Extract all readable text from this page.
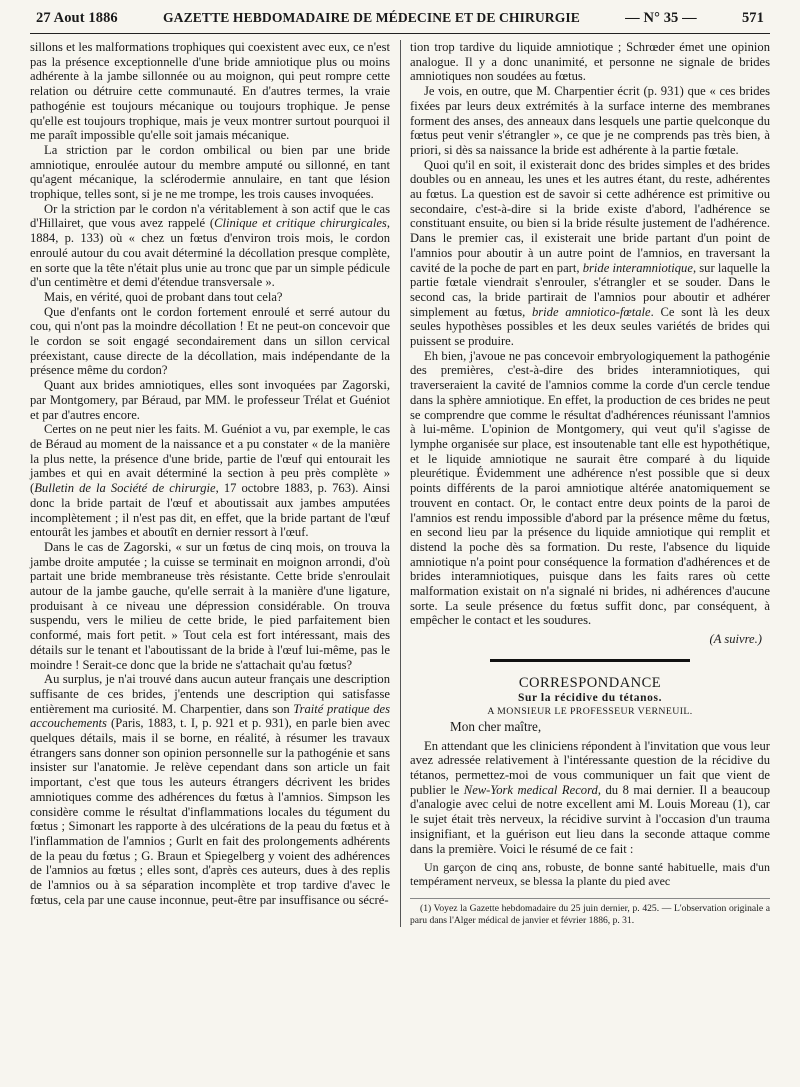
27 Aout 1886	GAZETTE HEBDOMADAIRE DE MÉDECINE ET DE CHIRURGIE	— N° 35 —	571

sillons et les malformations trophiques qui coexistent avec eux, ce n'est pas la présence exceptionnelle d'une bride amniotique plus ou moins adhérente à la jambe sillonnée ou au moignon, qui peut rompre cette relation ou détruire cette communauté. En d'autres termes, la vraie pathogénie est toujours mécanique ou toujours trophique. Je pense qu'elle est toujours trophique, mais je veux montrer surtout pourquoi il me paraît impossible qu'elle soit jamais mécanique.

La striction par le cordon ombilical ou bien par une bride amniotique, enroulée autour du membre amputé ou sillonné, en tant qu'agent mécanique, la sclérodermie annulaire, en tant que lésion trophique, telles sont, si je ne me trompe, les trois causes invoquées.

Or la striction par le cordon n'a véritablement à son actif que le cas d'Hillairet, que vous avez rappelé (Clinique et critique chirurgicales, 1884, p. 133) où « chez un fœtus d'environ trois mois, le cordon enroulé autour du cou avait déterminé la décollation presque complète, en sorte que la tête n'était plus unie au tronc que par un simple pédicule d'un centimètre et demi d'étendue transversale ».

Mais, en vérité, quoi de probant dans tout cela?

Que d'enfants ont le cordon fortement enroulé et serré autour du cou, qui n'ont pas la moindre décollation ! Et ne peut-on concevoir que le cordon se soit engagé secondairement dans un sillon cervical préexistant, cause directe de la décollation, mais indépendante de la présence même du cordon?

Quant aux brides amniotiques, elles sont invoquées par Zagorski, par Montgomery, par Béraud, par MM. le professeur Trélat et Guéniot et par d'autres encore.

Certes on ne peut nier les faits. M. Guéniot a vu, par exemple, le cas de Béraud au moment de la naissance et a pu constater « de la manière la plus nette, la présence d'une bride, partie de l'œuf qui entourait les jambes et qui en avait déterminé la section à peu près complète » (Bulletin de la Société de chirurgie, 17 octobre 1883, p. 763). Ainsi donc la bride partait de l'œuf et aboutissait aux jambes amputées incomplètement ; il n'est pas dit, en effet, que la bride partant de l'œuf entourât les jambes et aboutît en dernier ressort à l'œuf.

Dans le cas de Zagorski, « sur un fœtus de cinq mois, on trouva la jambe droite amputée ; la cuisse se terminait en moignon arrondi, d'où partait une bride membraneuse très résistante. Cette bride s'enroulait autour de la jambe gauche, qu'elle serrait à la manière d'une ligature, produisant à ce niveau une dépression considérable. On trouva suspendu, vers le milieu de cette bride, le pied parfaitement bien conformé, mais fort petit. » Tout cela est fort intéressant, mais des détails sur le tenant et l'aboutissant de la bride à l'œuf lui-même, pas le moindre ! Serait-ce donc que la bride ne s'attachait qu'au fœtus?

Au surplus, je n'ai trouvé dans aucun auteur français une description suffisante de ces brides, j'entends une description qui satisfasse entièrement ma curiosité. M. Charpentier, dans son Traité pratique des accouchements (Paris, 1883, t. I, p. 921 et p. 931), en parle bien avec quelques détails, mais il se borne, en réalité, à résumer les travaux étrangers sans donner son opinion personnelle sur la pathogénie et sans insister sur l'anatomie. Je relève cependant dans son article un fait important, c'est que tous les auteurs étrangers décrivent les brides amniotiques comme des adhérences du fœtus à l'amnios. Simpson les considère comme le résultat d'inflammations locales du tégument du fœtus ; Simonart les rapporte à des ulcérations de la peau du fœtus et à l'inflammation de l'amnios ; Gurlt en fait des prolongements adhérents de la peau du fœtus ; G. Braun et Spiegelberg y voient des adhérences de l'amnios au fœtus ; elles sont, d'après ces auteurs, dues à des replis de l'amnios ou à sa séparation incomplète et trop tardive d'avec le fœtus, cela par une cause inconnue, peut-être par insuffisance ou sécré-

tion trop tardive du liquide amniotique ; Schrœder émet une opinion analogue. Il y a donc unanimité, et personne ne signale de brides amniotiques non soudées au fœtus.

Je vois, en outre, que M. Charpentier écrit (p. 931) que « ces brides fixées par leurs deux extrémités à la surface interne des membranes forment des anses, des anneaux dans lesquels une partie quelconque du fœtus peut venir s'étrangler », ce que je ne comprends pas très bien, à priori, si dès sa naissance la bride est adhérente à la partie fœtale.

Quoi qu'il en soit, il existerait donc des brides simples et des brides doubles ou en anneau, les unes et les autres étant, du reste, adhérentes au fœtus. La question est de savoir si cette adhérence est primitive ou secondaire, c'est-à-dire si la bride existe d'abord, l'adhérence se constituant ensuite, ou bien si la bride résulte justement de l'adhérence. Dans le premier cas, il existerait une bride partant d'un point de l'amnios pour aboutir à un autre point de l'amnios, en traversant la cavité de la poche de part en part, bride interamniotique, sur laquelle la partie fœtale viendrait s'enrouler, s'étrangler et se souder. Dans le second cas, la bride partirait de l'amnios pour aboutir et adhérer simplement au fœtus, bride amniotico-fœtale. Ce sont là les deux seules hypothèses possibles et les deux seules variétés de brides qui puissent se produire.

Eh bien, j'avoue ne pas concevoir embryologiquement la pathogénie des premières, c'est-à-dire des brides interamniotiques, qui traverseraient la cavité de l'amnios comme la corde d'un cercle tendue dans la sphère amniotique. En effet, la production de ces brides ne peut se comprendre que comme le résultat d'adhérences réunissant l'amnios à lui-même. L'opinion de Montgomery, qui veut qu'il s'agisse de lymphe organisée sur place, est insoutenable tant elle est hypothétique, et le liquide amniotique ne saurait être comparé à du liquide pleurétique. Évidemment une adhérence n'est possible que si deux points différents de la paroi amniotique altérée anatomiquement se trouvent en contact. Or, le contact entre deux points de la paroi de l'amnios est rendu impossible d'abord par la présence même du fœtus, en second lieu par la présence du liquide amniotique qui remplit et distend la poche dès sa formation. Du reste, l'absence du liquide amniotique n'a point pour conséquence la formation d'adhérences et de brides interamniotiques, puisque dans les faits rares où cette malformation existait on n'a signalé ni brides, ni adhérences d'aucune sorte. La seule présence du fœtus suffit donc, par conséquent, à empêcher le contact et les soudures.

(A suivre.)

CORRESPONDANCE

Sur la récidive du tétanos.

A MONSIEUR LE PROFESSEUR VERNEUIL.

Mon cher maître,

En attendant que les cliniciens répondent à l'invitation que vous leur avez adressée relativement à l'intéressante question de la récidive du tétanos, permettez-moi de vous communiquer un fait que vient de publier le New-York medical Record, du 8 mai dernier. Il a beaucoup d'analogie avec celui de notre excellent ami M. Louis Moreau (1), car le sujet était très nerveux, la récidive survint à l'occasion d'un trauma insignifiant, et la guérison eut lieu dans la seconde attaque comme dans la première. Voici le résumé de ce fait :

Un garçon de cinq ans, robuste, de bonne santé habituelle, mais d'un tempérament nerveux, se blessa la plante du pied avec

(1) Voyez la Gazette hebdomadaire du 25 juin dernier, p. 425. — L'observation originale a paru dans l'Alger médical de janvier et février 1886, p. 31.
